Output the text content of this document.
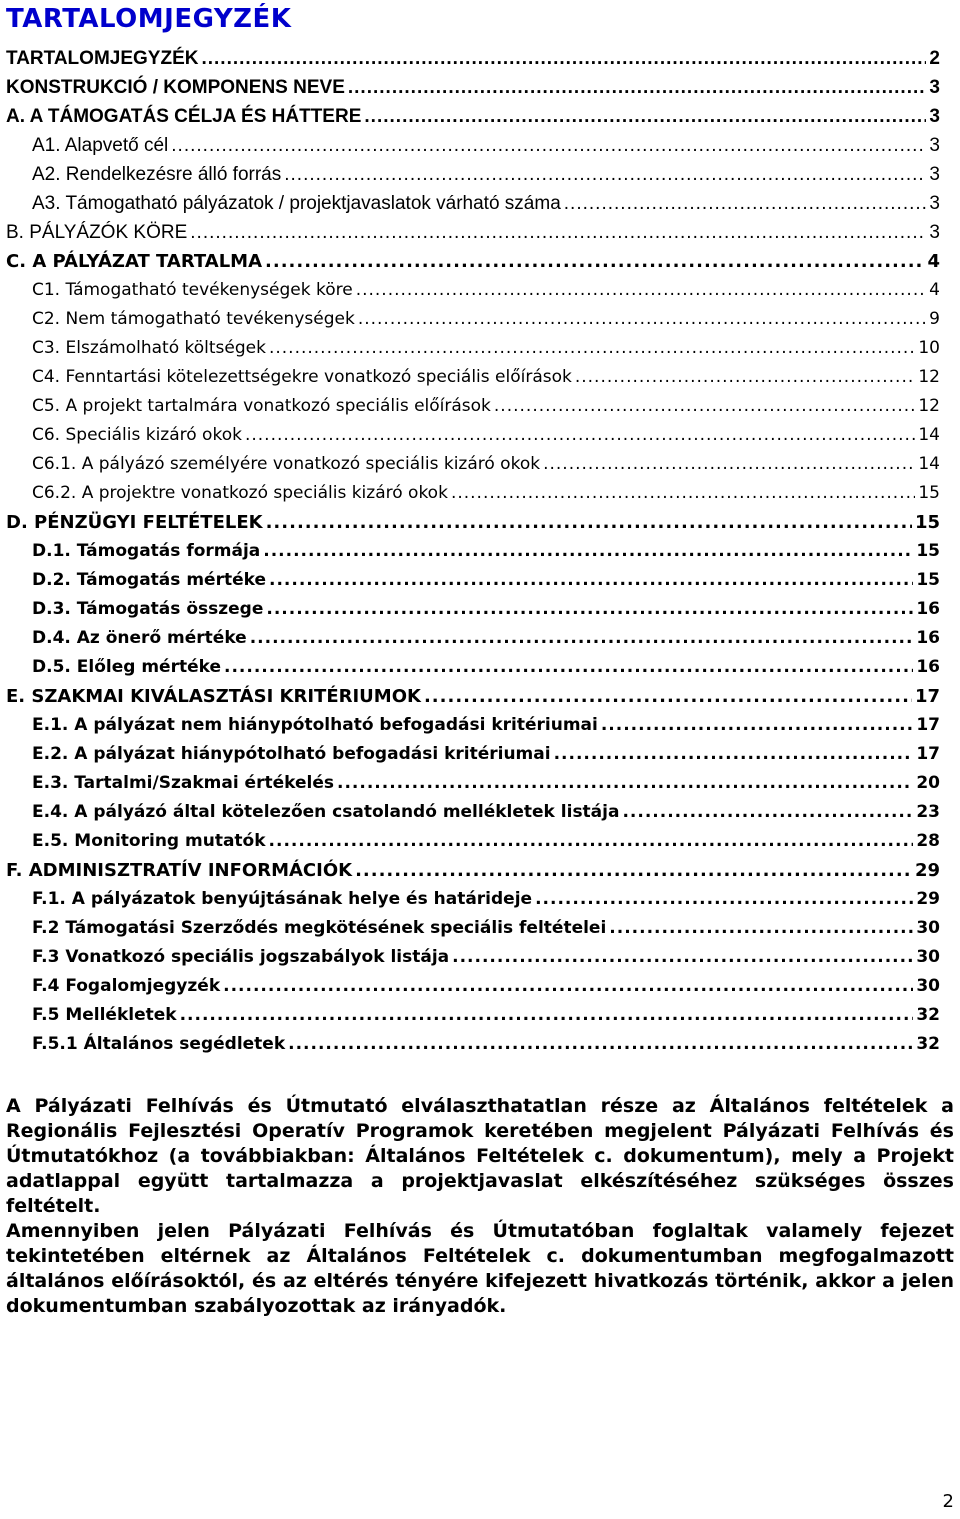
TARTALOMJEGYZÉK
TARTALOMJEGYZÉK .....	2
KONSTRUKCIÓ / KOMPONENS NEVE .....	3
A. A TÁMOGATÁS CÉLJA ÉS HÁTTERE .....	3
A1. Alapvető cél .....	3
A2. Rendelkezésre álló forrás .....	3
A3. Támogatható pályázatok / projektjavaslatok várható száma .....	3
B. PÁLYÁZÓK KÖRE .....	3
C. A PÁLYÁZAT TARTALMA .....	4
C1. Támogatható tevékenységek köre .....	4
C2. Nem támogatható tevékenységek .....	9
C3. Elszámolható költségek .....	10
C4. Fenntartási kötelezettségekre vonatkozó speciális előírások .....	12
C5. A projekt tartalmára vonatkozó speciális előírások .....	12
C6. Speciális kizáró okok .....	14
C6.1. A pályázó személyére vonatkozó speciális kizáró okok .....	14
C6.2. A projektre vonatkozó speciális kizáró okok .....	15
D. PÉNZÜGYI FELTÉTELEK .....	15
D.1. Támogatás formája .....	15
D.2. Támogatás mértéke .....	15
D.3. Támogatás összege .....	16
D.4. Az önerő mértéke .....	16
D.5. Előleg mértéke .....	16
E. SZAKMAI KIVÁLASZTÁSI KRITÉRIUMOK .....	17
E.1. A pályázat nem hiánypótolható befogadási kritériumai .....	17
E.2. A pályázat hiánypótolható befogadási kritériumai .....	17
E.3. Tartalmi/Szakmai értékelés .....	20
E.4. A pályázó által kötelezően csatolandó mellékletek listája .....	23
E.5. Monitoring mutatók .....	28
F. ADMINISZTRATÍV INFORMÁCIÓK .....	29
F.1. A pályázatok benyújtásának helye és határideje .....	29
F.2 Támogatási Szerződés megkötésének speciális feltételei .....	30
F.3 Vonatkozó speciális jogszabályok listája .....	30
F.4 Fogalomjegyzék .....	30
F.5 Mellékletek .....	32
F.5.1 Általános segédletek .....	32
A Pályázati Felhívás és Útmutató elválaszthatatlan része az Általános feltételek a Regionális Fejlesztési Operatív Programok keretében megjelent Pályázati Felhívás és Útmutatókhoz (a továbbiakban: Általános Feltételek c. dokumentum), mely a Projekt adatlappal együtt tartalmazza a projektjavaslat elkészítéséhez szükséges összes feltételt.
Amennyiben jelen Pályázati Felhívás és Útmutatóban foglaltak valamely fejezet tekintetében eltérnek az Általános Feltételek c. dokumentumban megfogalmazott általános előírásoktól, és az eltérés tényére kifejezett hivatkozás történik, akkor a jelen dokumentumban szabályozottak az irányadók.
2
